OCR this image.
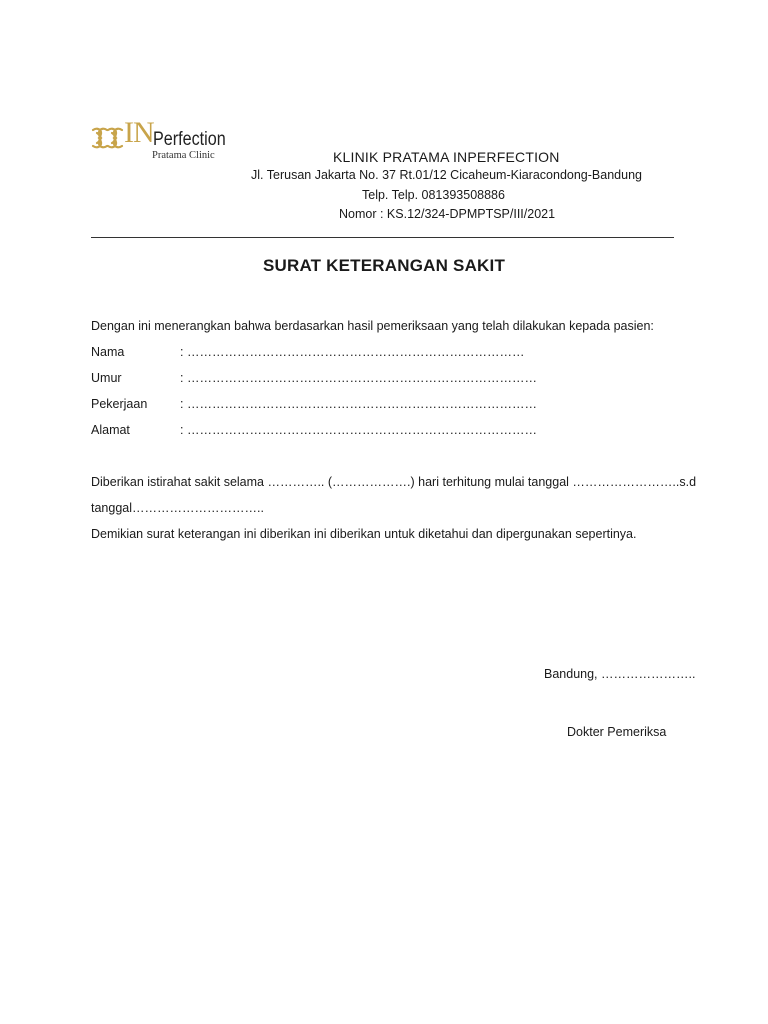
IN Perfection
Pratama Clinic	KLINIK PRATAMA INPERFECTION
Jl. Terusan Jakarta No. 37 Rt.01/12 Cicaheum-Kiaracondong-Bandung
Telp. Telp. 081393508886
Nomor : KS.12/324-DPMPTSP/III/2021
SURAT KETERANGAN SAKIT
Dengan ini menerangkan bahwa berdasarkan hasil pemeriksaan yang telah dilakukan kepada pasien:
Nama	: ………………………………………………………………………
Umur	: …………………………………………………………………………
Pekerjaan	: …………………………………………………………………………
Alamat	: …………………………………………………………………………
Diberikan istirahat sakit selama ………….. (……………….) hari terhitung mulai tanggal ……………………..s.d
tanggal…………………………..
Demikian surat keterangan ini diberikan ini diberikan untuk diketahui dan dipergunakan sepertinya.
Bandung, …………………..
Dokter Pemeriksa
